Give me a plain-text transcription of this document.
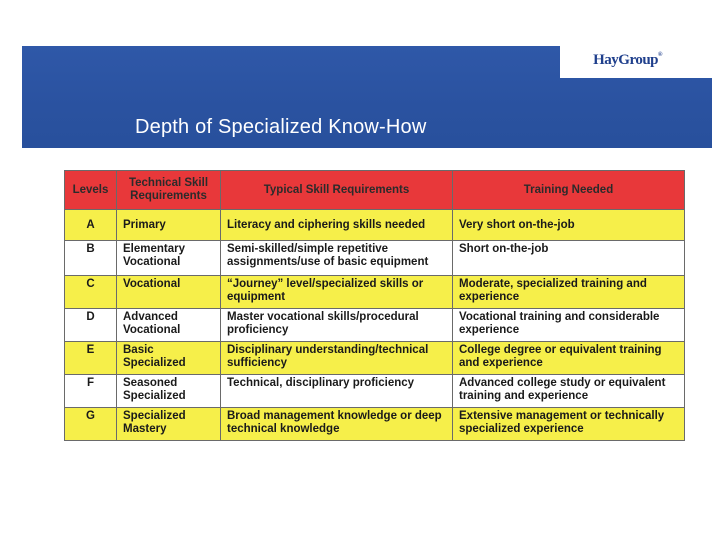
HayGroup®
Depth of Specialized Know-How
Levels	Technical Skill Requirements	Typical Skill Requirements	Training Needed
A	Primary	Literacy and ciphering skills needed	Very short on-the-job
B	Elementary Vocational	Semi-skilled/simple repetitive assignments/use of basic equipment	Short on-the-job
C	Vocational	“Journey” level/specialized skills or equipment	Moderate, specialized training and experience
D	Advanced Vocational	Master vocational skills/procedural proficiency	Vocational training and considerable experience
E	Basic Specialized	Disciplinary understanding/technical sufficiency	College degree or equivalent training and experience
F	Seasoned Specialized	Technical, disciplinary proficiency	Advanced college study or equivalent training and experience
G	Specialized Mastery	Broad management knowledge or deep technical knowledge	Extensive management or technically specialized experience
